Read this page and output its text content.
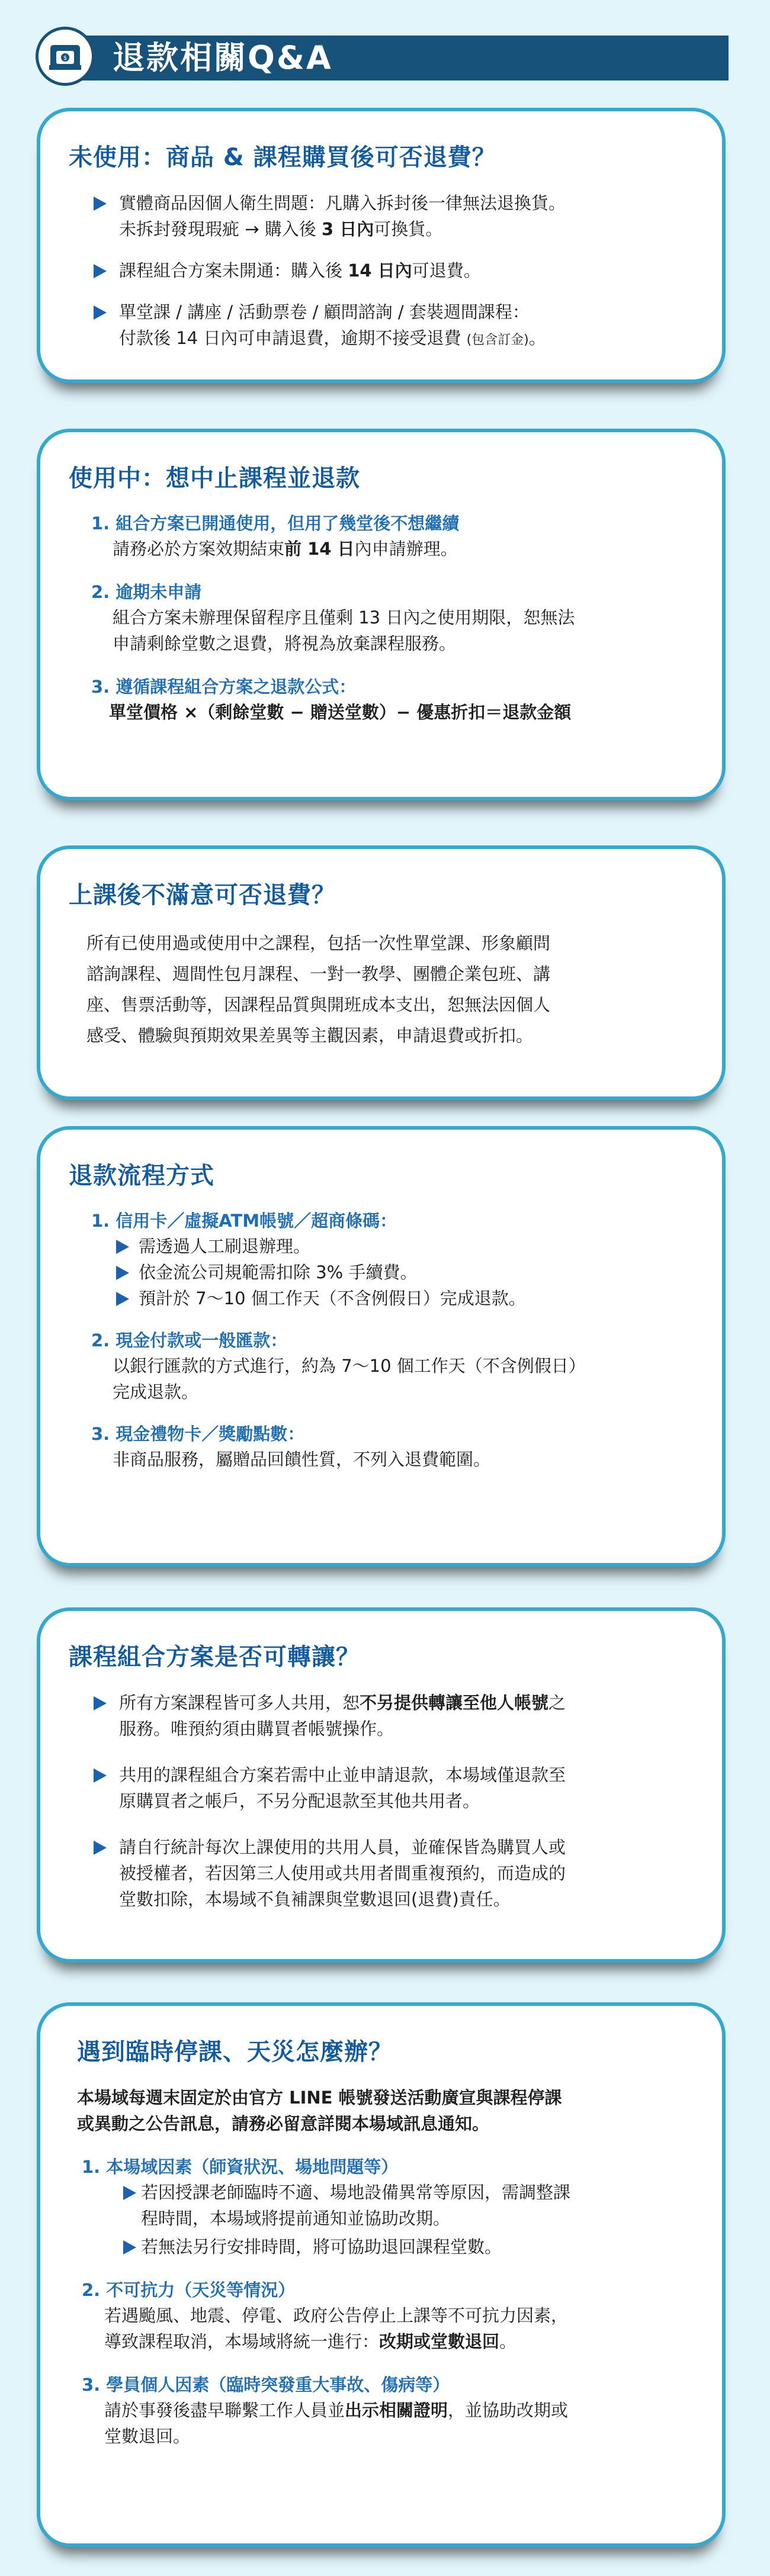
$ 退款相關Q&A
未使用：商品 & 課程購買後可否退費？
實體商品因個人衛生問題：凡購入拆封後一律無法退換貨。
未拆封發現瑕疵 → 購入後 3 日內可換貨。
課程組合方案未開通：購入後 14 日內可退費。
單堂課 / 講座 / 活動票卷 / 顧問諮詢 / 套裝週間課程：
付款後 14 日內可申請退費，逾期不接受退費 (包含訂金)。
使用中：想中止課程並退款
1. 組合方案已開通使用，但用了幾堂後不想繼續
請務必於方案效期結束前 14 日內申請辦理。
2. 逾期未申請
組合方案未辦理保留程序且僅剩 13 日內之使用期限，恕無法
申請剩餘堂數之退費，將視為放棄課程服務。
3. 遵循課程組合方案之退款公式：
單堂價格 ×（剩餘堂數 − 贈送堂數）− 優惠折扣＝退款金額
上課後不滿意可否退費？
所有已使用過或使用中之課程，包括一次性單堂課、形象顧問
諮詢課程、週間性包月課程、一對一教學、團體企業包班、講
座、售票活動等，因課程品質與開班成本支出，恕無法因個人
感受、體驗與預期效果差異等主觀因素，申請退費或折扣。
退款流程方式
1. 信用卡／虛擬ATM帳號／超商條碼：
需透過人工刷退辦理。
依金流公司規範需扣除 3% 手續費。
預計於 7～10 個工作天（不含例假日）完成退款。
2. 現金付款或一般匯款：
以銀行匯款的方式進行，約為 7～10 個工作天（不含例假日）
完成退款。
3. 現金禮物卡／獎勵點數：
非商品服務，屬贈品回饋性質，不列入退費範圍。
課程組合方案是否可轉讓？
所有方案課程皆可多人共用，恕不另提供轉讓至他人帳號之
服務。唯預約須由購買者帳號操作。
共用的課程組合方案若需中止並申請退款，本場域僅退款至
原購買者之帳戶，不另分配退款至其他共用者。
請自行統計每次上課使用的共用人員，並確保皆為購買人或
被授權者，若因第三人使用或共用者間重複預約，而造成的
堂數扣除，本場域不負補課與堂數退回(退費)責任。
遇到臨時停課、天災怎麼辦？
本場域每週末固定於由官方 LINE 帳號發送活動廣宣與課程停課
或異動之公告訊息，請務必留意詳閱本場域訊息通知。
1. 本場域因素（師資狀況、場地問題等）
若因授課老師臨時不適、場地設備異常等原因，需調整課
程時間，本場域將提前通知並協助改期。
若無法另行安排時間，將可協助退回課程堂數。
2. 不可抗力（天災等情況）
若遇颱風、地震、停電、政府公告停止上課等不可抗力因素，
導致課程取消，本場域將統一進行：改期或堂數退回。
3. 學員個人因素（臨時突發重大事故、傷病等）
請於事發後盡早聯繫工作人員並出示相關證明，並協助改期或
堂數退回。
